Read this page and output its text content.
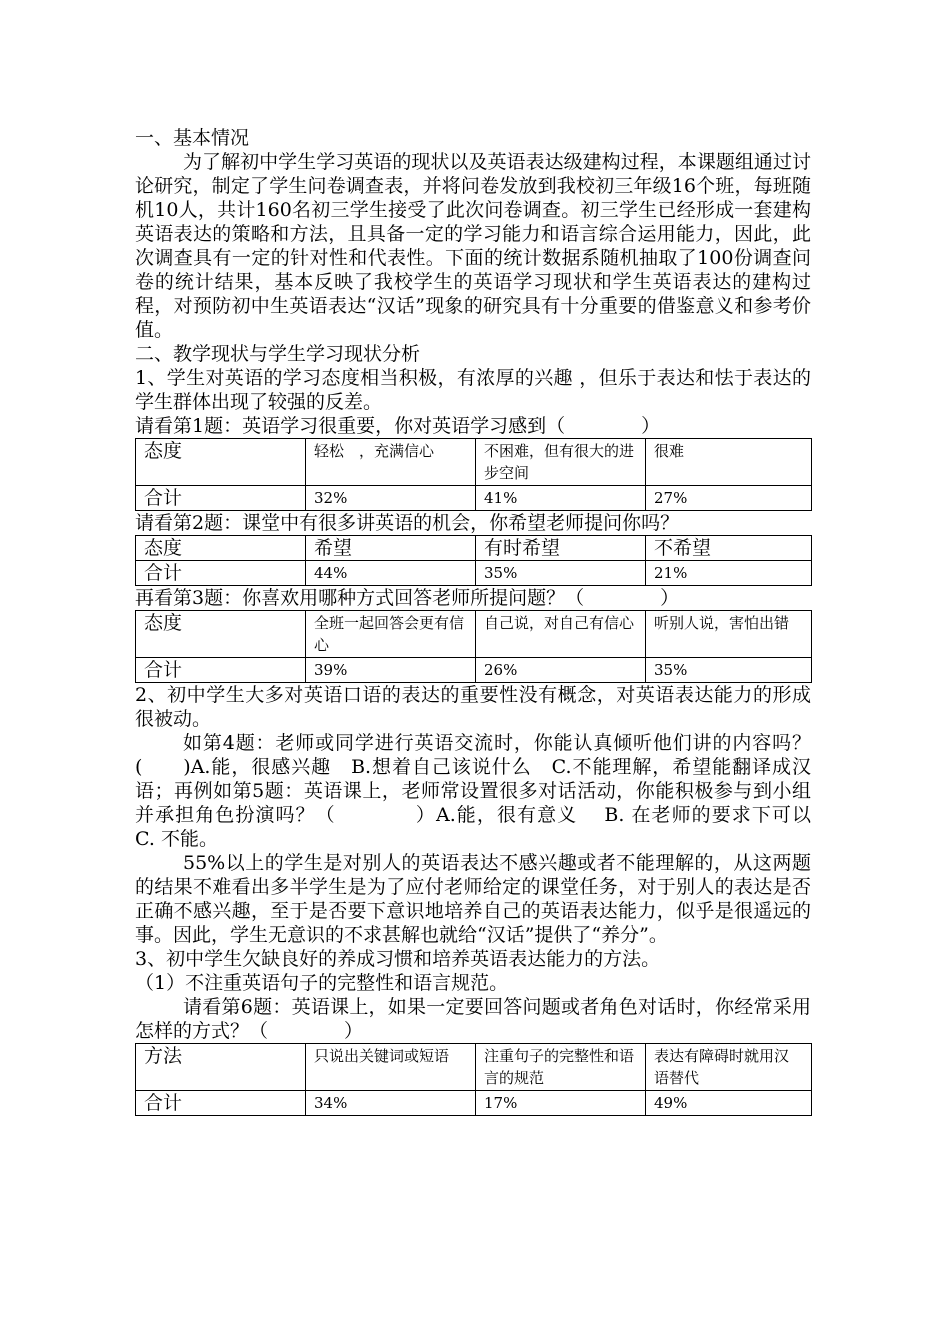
一、基本情况

为了解初中学生学习英语的现状以及英语表达级建构过程，本课题组通过讨论研究，制定了学生问卷调查表，并将问卷发放到我校初三年级16个班，每班随机10人，共计160名初三学生接受了此次问卷调查。初三学生已经形成一套建构英语表达的策略和方法，且具备一定的学习能力和语言综合运用能力，因此，此次调查具有一定的针对性和代表性。下面的统计数据系随机抽取了100份调查问卷的统计结果，基本反映了我校学生的英语学习现状和学生英语表达的建构过程，对预防初中生英语表达“汉话”现象的研究具有十分重要的借鉴意义和参考价值。

二、教学现状与学生学习现状分析

1、学生对英语的学习态度相当积极，有浓厚的兴趣 ，但乐于表达和怯于表达的学生群体出现了较强的反差。

请看第1题：英语学习很重要，你对英语学习感到（　　　　）

态度	轻松　，充满信心	不困难，但有很大的进步空间	很难
合计	32%	41%	27%

请看第2题：课堂中有很多讲英语的机会，你希望老师提问你吗？

态度	希望	有时希望	不希望
合计	44%	35%	21%

再看第3题：你喜欢用哪种方式回答老师所提问题？（　　　　）

态度	全班一起回答会更有信心	自己说，对自己有信心	听别人说，害怕出错
合计	39%	26%	35%

2、初中学生大多对英语口语的表达的重要性没有概念，对英语表达能力的形成很被动。

如第4题：老师或同学进行英语交流时，你能认真倾听他们讲的内容吗？(　　)A.能，很感兴趣　B.想着自己该说什么　C.不能理解，希望能翻译成汉语；再例如第5题：英语课上，老师常设置很多对话活动，你能积极参与到小组并承担角色扮演吗？（　　　　）A.能，很有意义　 B. 在老师的要求下可以　C. 不能。

55%以上的学生是对别人的英语表达不感兴趣或者不能理解的，从这两题的结果不难看出多半学生是为了应付老师给定的课堂任务，对于别人的表达是否正确不感兴趣，至于是否要下意识地培养自己的英语表达能力，似乎是很遥远的事。因此，学生无意识的不求甚解也就给“汉话”提供了“养分”。

3、初中学生欠缺良好的养成习惯和培养英语表达能力的方法。

（1）不注重英语句子的完整性和语言规范。

请看第6题：英语课上，如果一定要回答问题或者角色对话时，你经常采用怎样的方式？（　　　　）

方法	只说出关键词或短语	注重句子的完整性和语言的规范	表达有障碍时就用汉语替代
合计	34%	17%	49%
